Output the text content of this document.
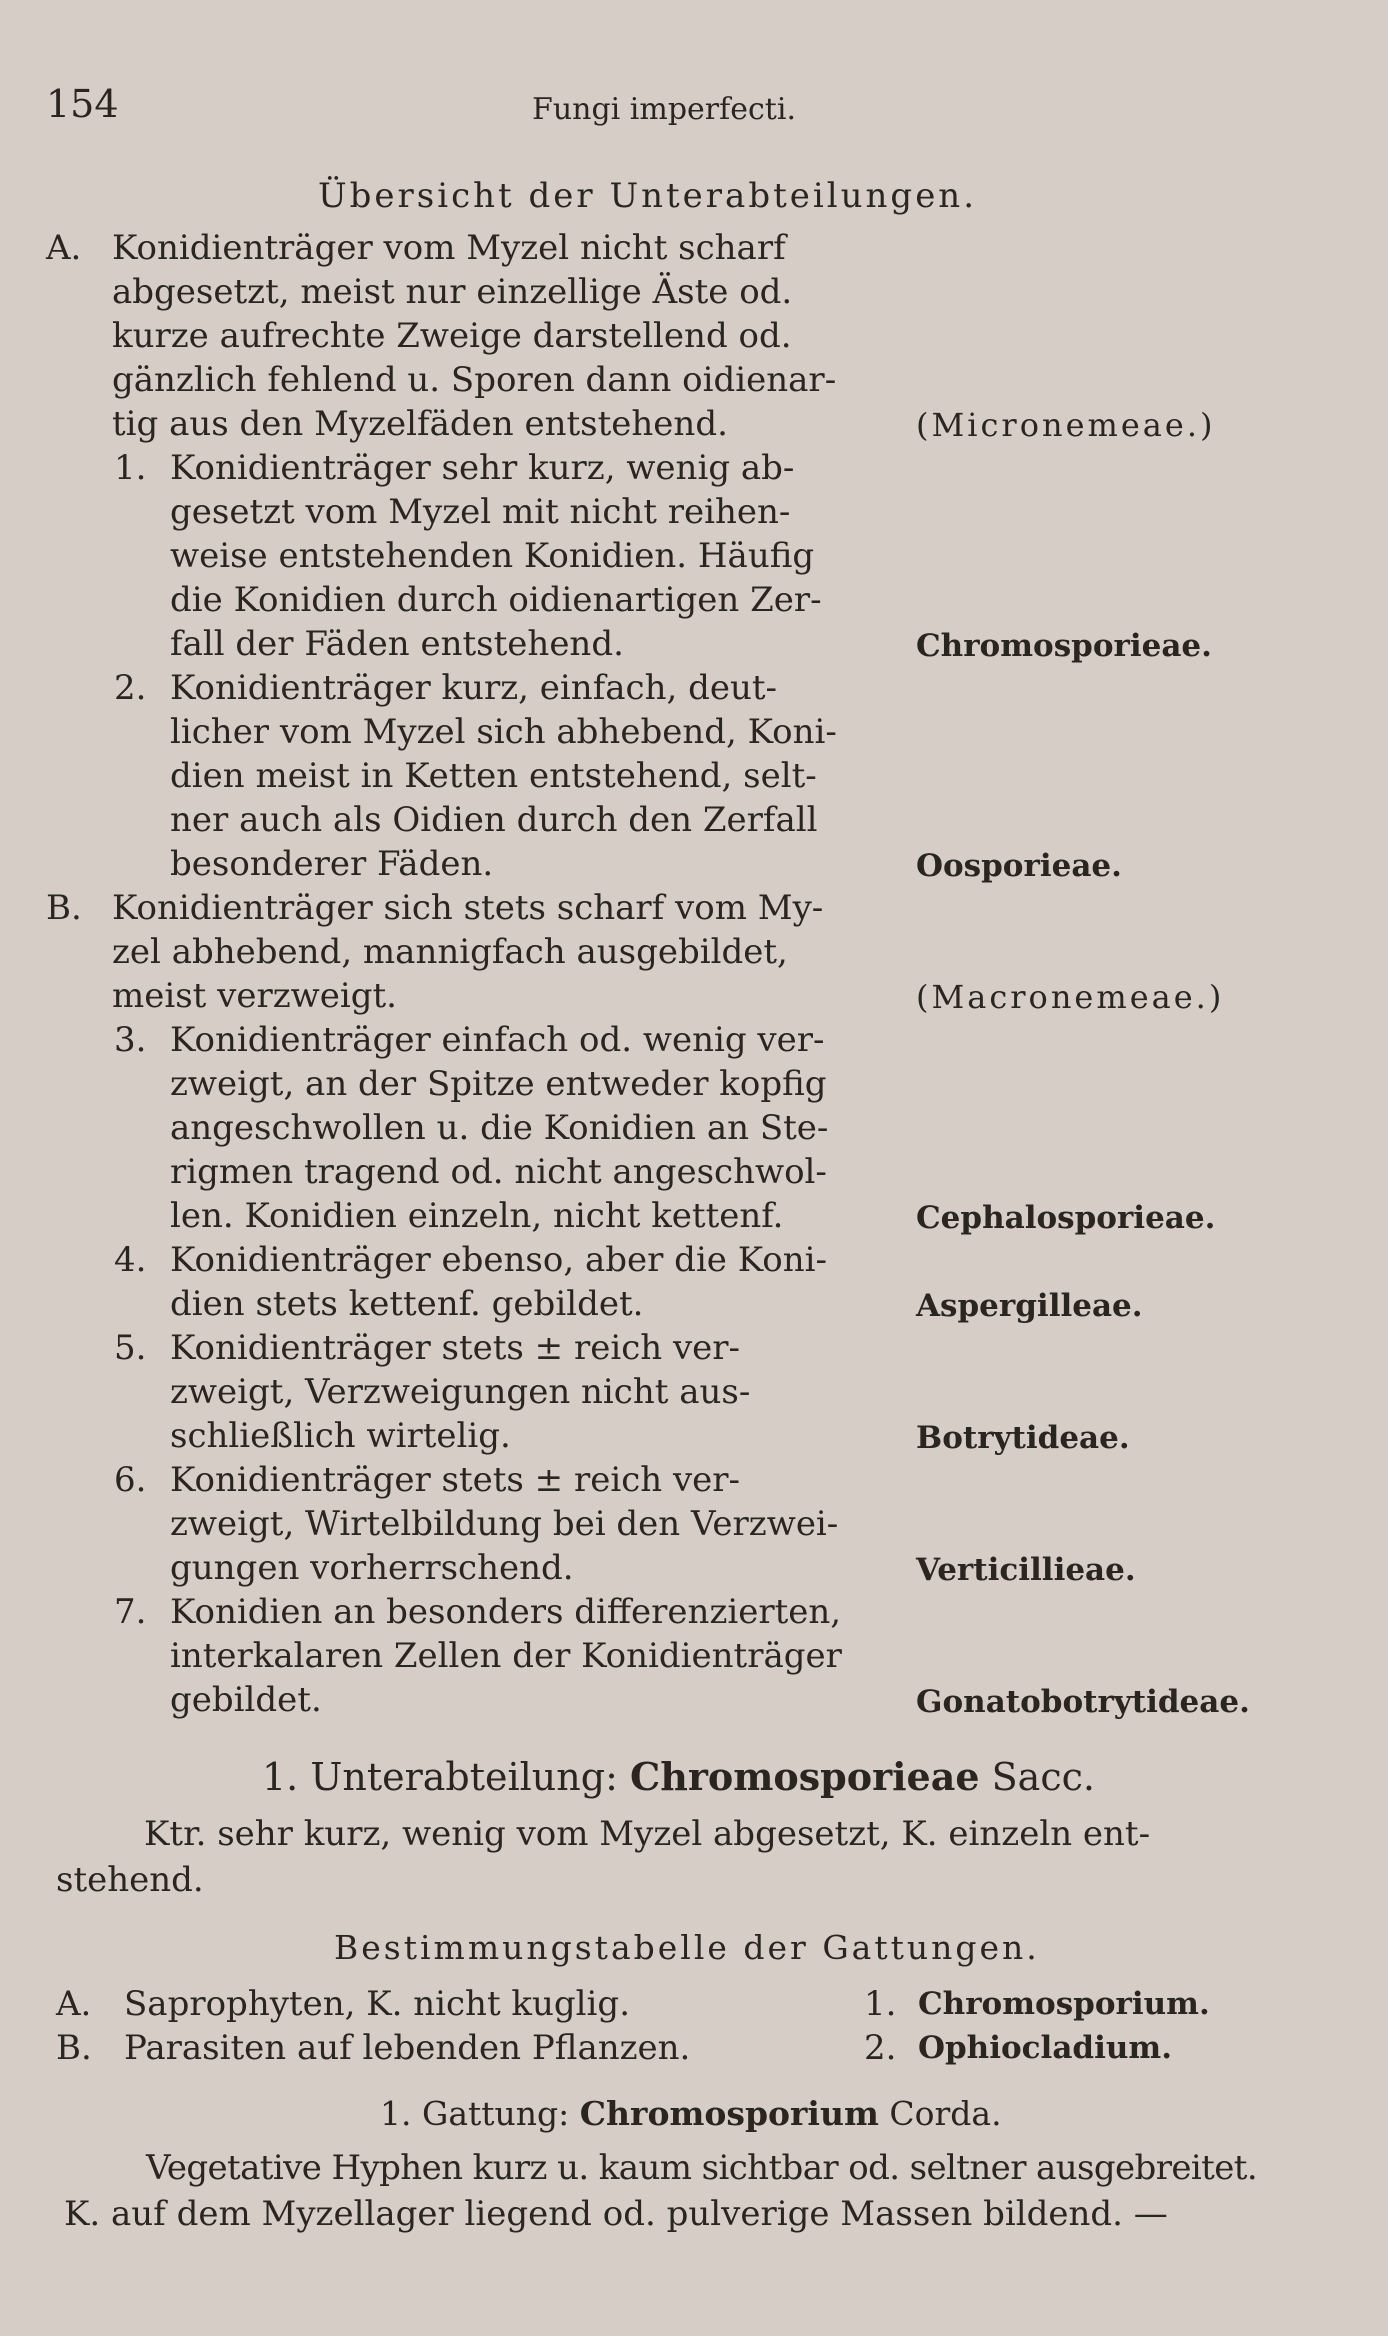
154	Fungi imperfecti.
Übersicht der Unterabteilungen.
A. Konidienträger vom Myzel nicht scharf
abgesetzt, meist nur einzellige Äste od.
kurze aufrechte Zweige darstellend od.
gänzlich fehlend u. Sporen dann oidienar-
tig aus den Myzelfäden entstehend.	(Micronemeae.)
1. Konidienträger sehr kurz, wenig ab-
gesetzt vom Myzel mit nicht reihen-
weise entstehenden Konidien. Häufig
die Konidien durch oidienartigen Zer-
fall der Fäden entstehend.	Chromosporieae.
2. Konidienträger kurz, einfach, deut-
licher vom Myzel sich abhebend, Koni-
dien meist in Ketten entstehend, selt-
ner auch als Oidien durch den Zerfall
besonderer Fäden.	Oosporieae.
B. Konidienträger sich stets scharf vom My-
zel abhebend, mannigfach ausgebildet,
meist verzweigt.	(Macronemeae.)
3. Konidienträger einfach od. wenig ver-
zweigt, an der Spitze entweder kopfig
angeschwollen u. die Konidien an Ste-
rigmen tragend od. nicht angeschwol-
len. Konidien einzeln, nicht kettenf.	Cephalosporieae.
4. Konidienträger ebenso, aber die Koni-
dien stets kettenf. gebildet.	Aspergilleae.
5. Konidienträger stets ± reich ver-
zweigt, Verzweigungen nicht aus-
schließlich wirtelig.	Botrytideae.
6. Konidienträger stets ± reich ver-
zweigt, Wirtelbildung bei den Verzwei-
gungen vorherrschend.	Verticillieae.
7. Konidien an besonders differenzierten,
interkalaren Zellen der Konidienträger
gebildet.	Gonatobotrytideae.
1. Unterabteilung: Chromosporieae Sacc.
Ktr. sehr kurz, wenig vom Myzel abgesetzt, K. einzeln ent-
stehend.
Bestimmungstabelle der Gattungen.
A. Saprophyten, K. nicht kuglig.	1. Chromosporium.
B. Parasiten auf lebenden Pflanzen.	2. Ophiocladium.
1. Gattung: Chromosporium Corda.
Vegetative Hyphen kurz u. kaum sichtbar od. seltner ausgebreitet.
K. auf dem Myzellager liegend od. pulverige Massen bildend. —
